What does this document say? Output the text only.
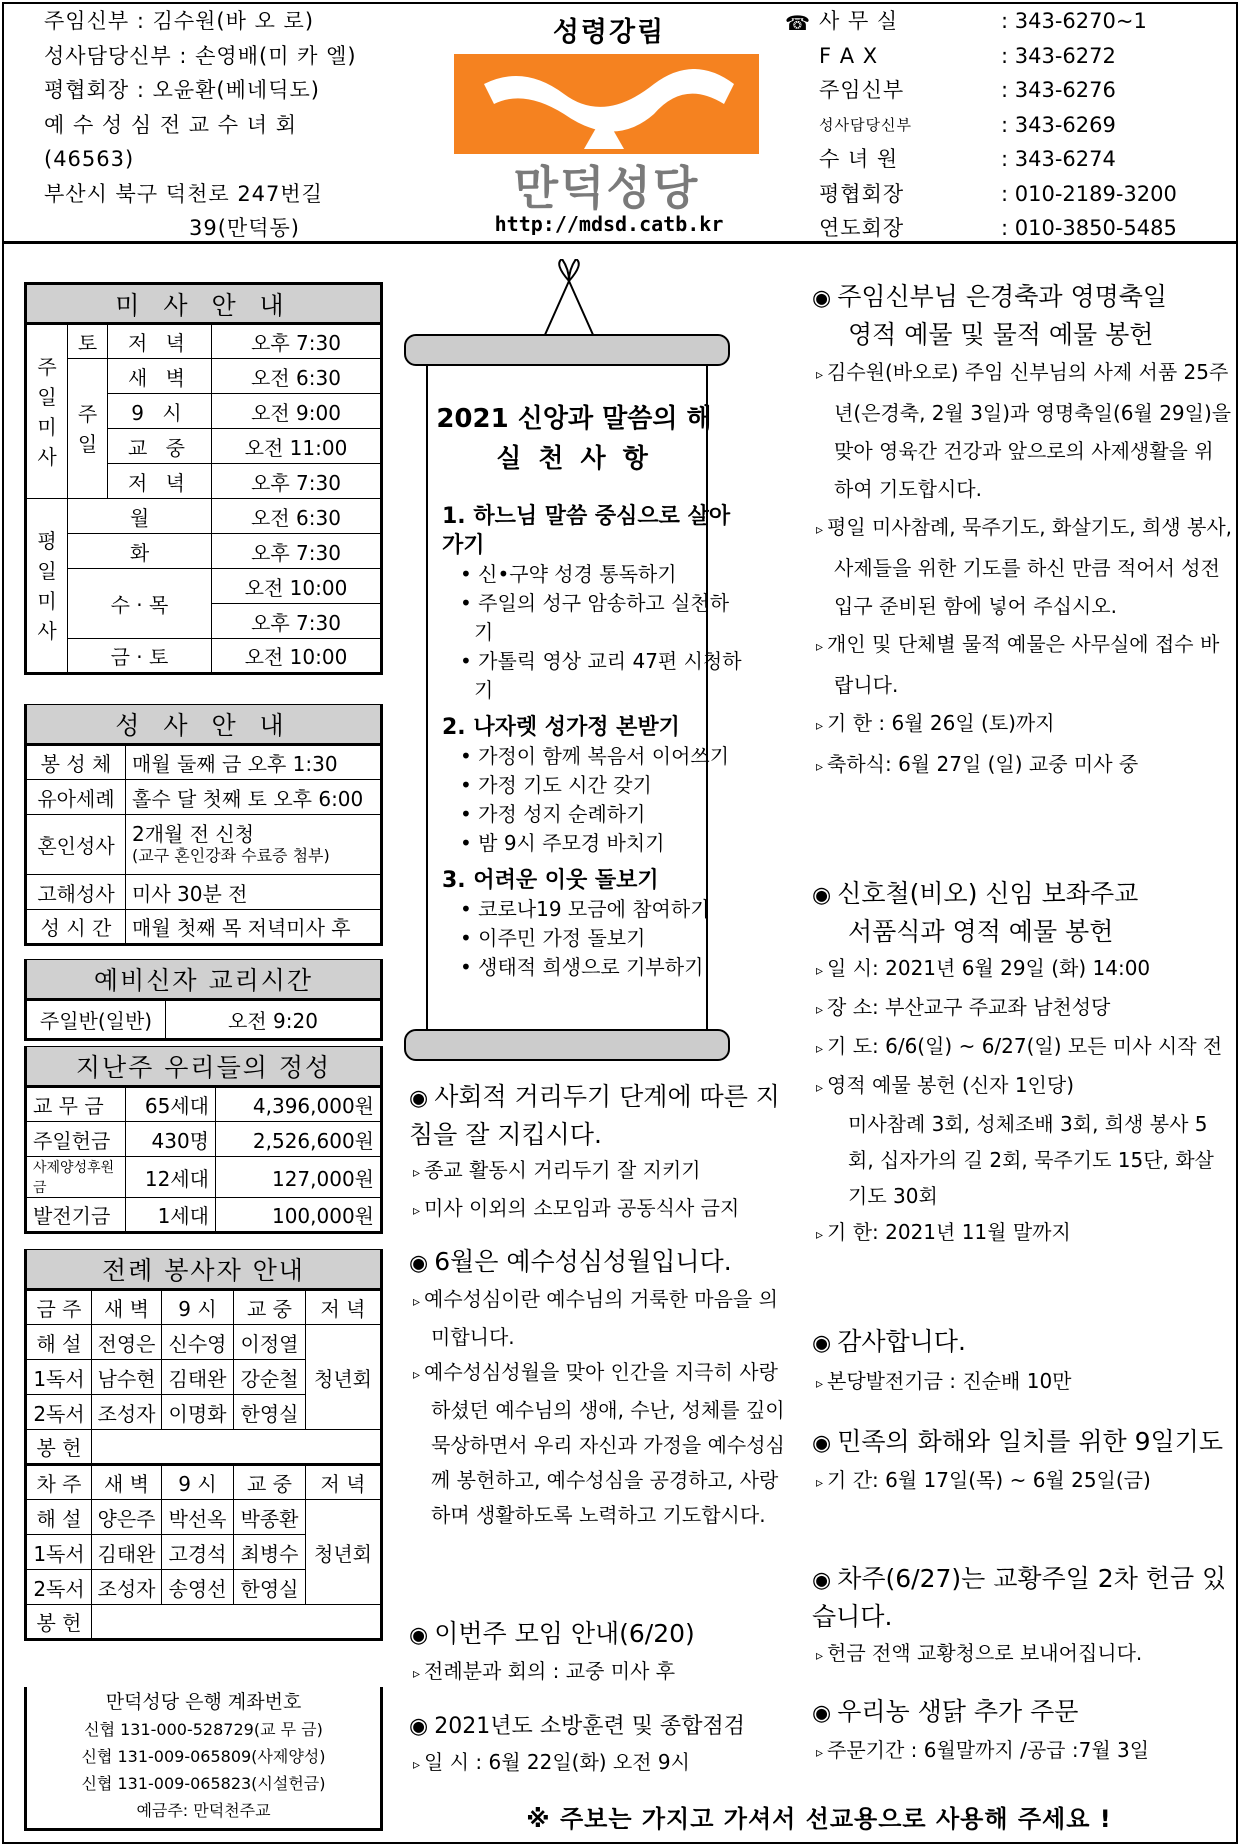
주임신부 : 김수원(바 오 로)
성사담당신부 : 손영배(미 카 엘)
평협회장 : 오윤환(베네딕도)
예 수 성 심 전 교 수 녀 회
(46563)
부산시 북구 덕천로 247번길
39(만덕동)
성령강림
만덕성당
http://mdsd.catb.kr
☎ 사 무 실	: 343-6270~1
F A X	: 343-6272
주임신부	: 343-6276
성사담당신부	: 343-6269
수 녀 원	: 343-6274
평협회장	: 010-2189-3200
연도회장	: 010-3850-5485
미 사 안 내			
주 일 미 사	토	저 녁	오후 7:30
	주 일	새 벽	오전 6:30
		9 시	오전 9:00
		교 중	오전 11:00
		저 녁	오후 7:30
평 일 미 사	월		오전 6:30
	화		오후 7:30
	수 · 목		오전 10:00
			오후 7:30
	금 · 토		오전 10:00
성 사 안 내	
봉 성 체	매월 둘째 금 오후 1:30
유아세례	홀수 달 첫째 토 오후 6:00
혼인성사	2개월 전 신청
(교구 혼인강좌 수료증 첨부)

고해성사	미사 30분 전
성 시 간	매월 첫째 목 저녁미사 후
예비신자 교리시간
주일반(일반)	오전 9:20
지난주 우리들의 정성		
교 무 금	65세대	4,396,000원
주일헌금	430명	2,526,600원
사제양성후원금	12세대	127,000원
발전기금	1세대	100,000원
전례 봉사자 안내				
금 주	새 벽	9 시	교 중	저 녁
해 설	전영은	신수영	이정열	청년회
1독서	남수현	김태완	강순철	
2독서	조성자	이명화	한영실	
봉 헌				
차 주	새 벽	9 시	교 중	저 녁
해 설	양은주	박선옥	박종환	청년회
1독서	김태완	고경석	최병수	
2독서	조성자	송영선	한영실	
봉 헌				
만덕성당 은행 계좌번호
신협 131-000-528729(교 무 금)
신협 131-009-065809(사제양성)
신협 131-009-065823(시설헌금)
예금주: 만덕천주교
2021 신앙과 말씀의 해
실 천 사 항
1. 하느님 말씀 중심으로 살아가기
• 신•구약 성경 통독하기
• 주일의 성구 암송하고 실천하기
• 가톨릭 영상 교리 47편 시청하기
2. 나자렛 성가정 본받기
• 가정이 함께 복음서 이어쓰기
• 가정 기도 시간 갖기
• 가정 성지 순례하기
• 밤 9시 주모경 바치기
3. 어려운 이웃 돌보기
• 코로나19 모금에 참여하기
• 이주민 가정 돌보기
• 생태적 희생으로 기부하기
◉ 사회적 거리두기 단계에 따른 지침을 잘 지킵시다.
▹ 종교 활동시 거리두기 잘 지키기
▹ 미사 이외의 소모임과 공동식사 금지
◉ 6월은 예수성심성월입니다.
▹ 예수성심이란 예수님의 거룩한 마음을 의미합니다.
▹ 예수성심성월을 맞아 인간을 지극히 사랑하셨던 예수님의 생애, 수난, 성체를 깊이 묵상하면서 우리 자신과 가정을 예수성심께 봉헌하고, 예수성심을 공경하고, 사랑하며 생활하도록 노력하고 기도합시다.
◉ 이번주 모임 안내(6/20)
▹ 전례분과 회의 : 교중 미사 후
◉ 2021년도 소방훈련 및 종합점검
▹ 일 시 : 6월 22일(화) 오전 9시
◉ 주임신부님 은경축과 영명축일
영적 예물 및 물적 예물 봉헌
▹ 김수원(바오로) 주임 신부님의 사제 서품 25주년(은경축, 2월 3일)과 영명축일(6월 29일)을 맞아 영육간 건강과 앞으로의 사제생활을 위하여 기도합시다.
▹ 평일 미사참례, 묵주기도, 화살기도, 희생 봉사, 사제들을 위한 기도를 하신 만큼 적어서 성전 입구 준비된 함에 넣어 주십시오.
▹ 개인 및 단체별 물적 예물은 사무실에 접수 바랍니다.
▹ 기 한 : 6월 26일 (토)까지
▹ 축하식: 6월 27일 (일) 교중 미사 중
◉ 신호철(비오) 신임 보좌주교
서품식과 영적 예물 봉헌
▹ 일 시: 2021년 6월 29일 (화) 14:00
▹ 장 소: 부산교구 주교좌 남천성당
▹ 기 도: 6/6(일) ~ 6/27(일) 모든 미사 시작 전
▹ 영적 예물 봉헌 (신자 1인당)
미사참례 3회, 성체조배 3회, 희생 봉사 5회, 십자가의 길 2회, 묵주기도 15단, 화살기도 30회
▹ 기 한: 2021년 11월 말까지
◉ 감사합니다.
▹ 본당발전기금 : 진순배 10만
◉ 민족의 화해와 일치를 위한 9일기도
▹ 기 간: 6월 17일(목) ~ 6월 25일(금)
◉ 차주(6/27)는 교황주일 2차 헌금 있습니다.
▹ 헌금 전액 교황청으로 보내어집니다.
◉ 우리농 생닭 추가 주문
▹ 주문기간 : 6월말까지 /공급 :7월 3일
※ 주보는 가지고 가셔서 선교용으로 사용해 주세요 !
